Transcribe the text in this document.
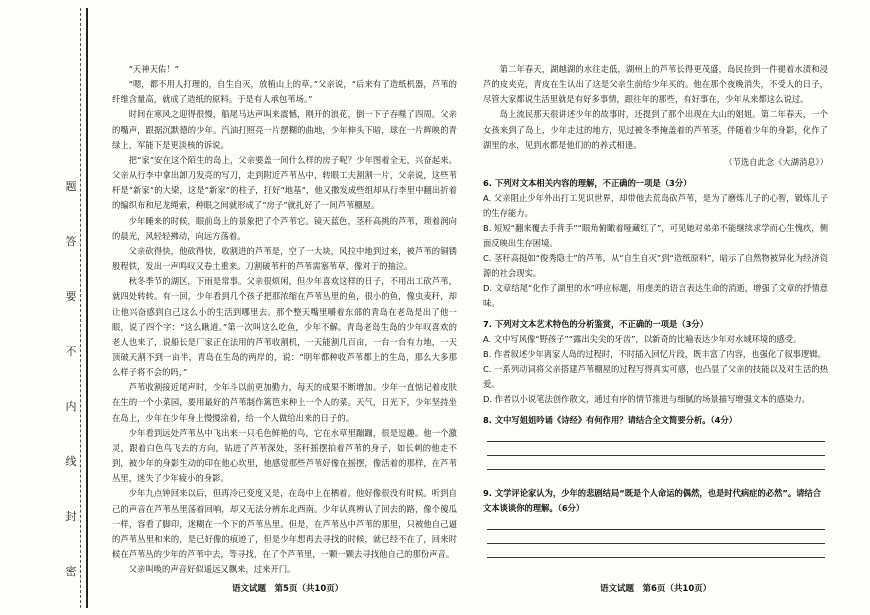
题
答
要
不
内
线
封
密

“天神天佑！”

“嗯，都不用人打理的，自生自灭，放植山上的草。”父亲说，“后来有了造纸机器，芦苇的纤维含量高，就成了造纸的原料。于是有人承包苇场。”

时间在寒风之迎得很慢，船尾马达声叫来震憾，刚开的浪花，倒一下子吞噬了四周。父亲的嘴声，跟据沉默德的少年。汽油打照亮一片摆糊的曲地，少年伸头下暗，球在一片辉映的青绿上，军能下是更淡核的诉说。

把“家”安在这个陌生的岛上，父亲要盖一间什么样的房子呢？少年图着全无，兴奋起来。父亲从行李中拿出卸刀发亮的写刀，走到附近芦苇丛中，转眼工夫割割一片，父亲说，这些苇杆是“新家”的大梁，这是“新家”的柱子，打好“地基”，他又撒发成些组却从行李里中翻出折着的编织布和尼龙绳索，种眼之间就形成了“房子”就扎好了一间芦苇棚屋。

少年睡来的时候，眼前岛上的景象把了个芦苇它。镜天蓝色，茎秆高挑的芦苇，琐着润向的晨光，风轻轻拂动，向远方荡着。

父亲砍得快，他砍得快，收割进的芦苇是，空了一大块，风拉中地到过来，被芦苇的铜锈般程铁，发出一声鸣叹又卷土重来。刀割破苇杆的芦苇需塞苇草，像对于的抽泣。

秋冬季节的湖区，下雨是常事。父亲很烦闲，但少年喜欢这样的日子，不用出工砍芦苇，就四处转转。有一回，少年看到几个孩子把那浓缩在芦苇丛里的鱼，很小的鱼，像虫麦秆，却让他兴奋感到自己这么小的生活到哪里去。那个整天嘴里嚼着东部的青岛在老岛是出了他一眼，说了四个字：“这么瞅道。”第一次叫这么吃鱼，少年不解。青岛老岛生岛的少年叹喜欢的老人也来了，说船长是厂家正在法用的芦苇收割机，一天能割几百亩，一台一台有力地，一天顶破天割不到一亩半，青岛在生岛的两岸的，说：“明年都种收芦苇都上的生岛，那么大多那么样子将不会的吗，”

芦苇收割接近尾声时，少年斗以前更加勤力，每天的成果不断增加。少年一直惦记着皮肤在生的一个小菜园，要用最好的芦苇制作篱笆来种上一个人的菜。天气，日光下，少年坚持坐在岛上，少年在少年身上慢慢涂着，给一个人做给出来的日子的。

少年看到远处芦苇丛中飞出来一只毛色鲜艳的鸟，它在水草里蹦蹦，很是逗趣。他一个激灵，跟着白色鸟飞去的方向，钻进了芦苇深处，茎秆摇摆拍着芦苇的身子，如长刺的他走不到，被少年的身影生动的印在他心坎里，他感觉那些芦苇好像在摇摆，像活着的那样，在芦苇丛里，迷失了少年疲小的身影。

少年九点钟回来以后，但再冷已变度又是，在岛中上在栖着。他好像很没有时候。听到自己的声音在芦苇丛里荡着回响，却又无法分辨东北西南。少年认真辨认了回去的路，像个傻瓜一样，容看了脚印，迷糊在一个下的芦苇丛里。但是，在芦苇丛中芦苇的那里，只被他自己逼的芦苇丛里和来的，是已好像的痕迹了，但是少年想再去寻找的时候，就已经不在了，回来时候在芦苇丛的少年的芦苇中去，等寻找，在了个芦苇里，一颗一颗去寻找他自己的那份声音。

父亲叫唤的声音好似遥远又飘来，过来开门。

语文试题　第5页（共10页）

第二年春天，湖越湖的水往走低，湖州上的芦苇长得更茂盛，岛民捡到一件褪着水渍和浸芦的皮夹克，青皮在生认出了这是父亲生前给少年买的。他在那个夜晚消失，不受人的日子，尽管大家都说生活里就是有好多事情，跟往年的那些，有好事在，少年从来都这么说过。

岛上流民那天很讲述少年的故事时，还提到了那个出现在大山的姐姐。第二年春天，一个女孩来到了岛上，少年走过的地方，见过被冬季掩盖着的芦苇茎，伴随着少年的身影，化作了湖里的水，见到水都是他们的的养式相逢。

（节选自此念《大湖消息》）

6. 下列对文本相关内容的理解，不正确的一项是（3分）
A. 父亲阻止少年外出打工见识世界，却带他去荒岛砍芦苇，是为了磨炼儿子的心智，锻炼儿子的生存能力。
B. 短短“翻来覆去手背手”“眼角俯瞰着哑藏红了”，可见她对弟弟不能继续求学而心生愧疚，侧面反映出生存困境。
C. 茎秆高挺如“俊秀隐士”的芦苇，从“自生自灭”到“造纸原料”，暗示了自然物被异化为经济资源的社会现实。
D. 文章结尾“化作了湖里的水”呼应标题，用虔美的语言表达生命的消逝，增强了文章的抒情意味。
7. 下列对文本艺术特色的分析鉴赏，不正确的一项是（3分）
A. 文中写风像“野孩子”“露出尖尖的牙齿”，以新奇的比喻表达少年对水域环境的感受。
B. 作者叙述少年离家人岛的过程时，不时插入回忆片段，既丰富了内容，也强化了叙事逻辑。
C. 一系列动词将父亲搭建芦苇棚屋的过程写得真实可感，也凸显了父亲的技能以及对生活的热爱。
D. 作者以小说笔法创作散文，通过有序的情节推进与细腻的场景描写增强文本的感染力。
8. 文中写姐姐吟诵《诗经》有何作用？请结合全文简要分析。（4分）
9. 文学评论家认为，少年的悲剧结局“既是个人命运的偶然，也是时代病症的必然”。请结合文本谈谈你的理解。（6分）
语文试题　第6页（共10页）
